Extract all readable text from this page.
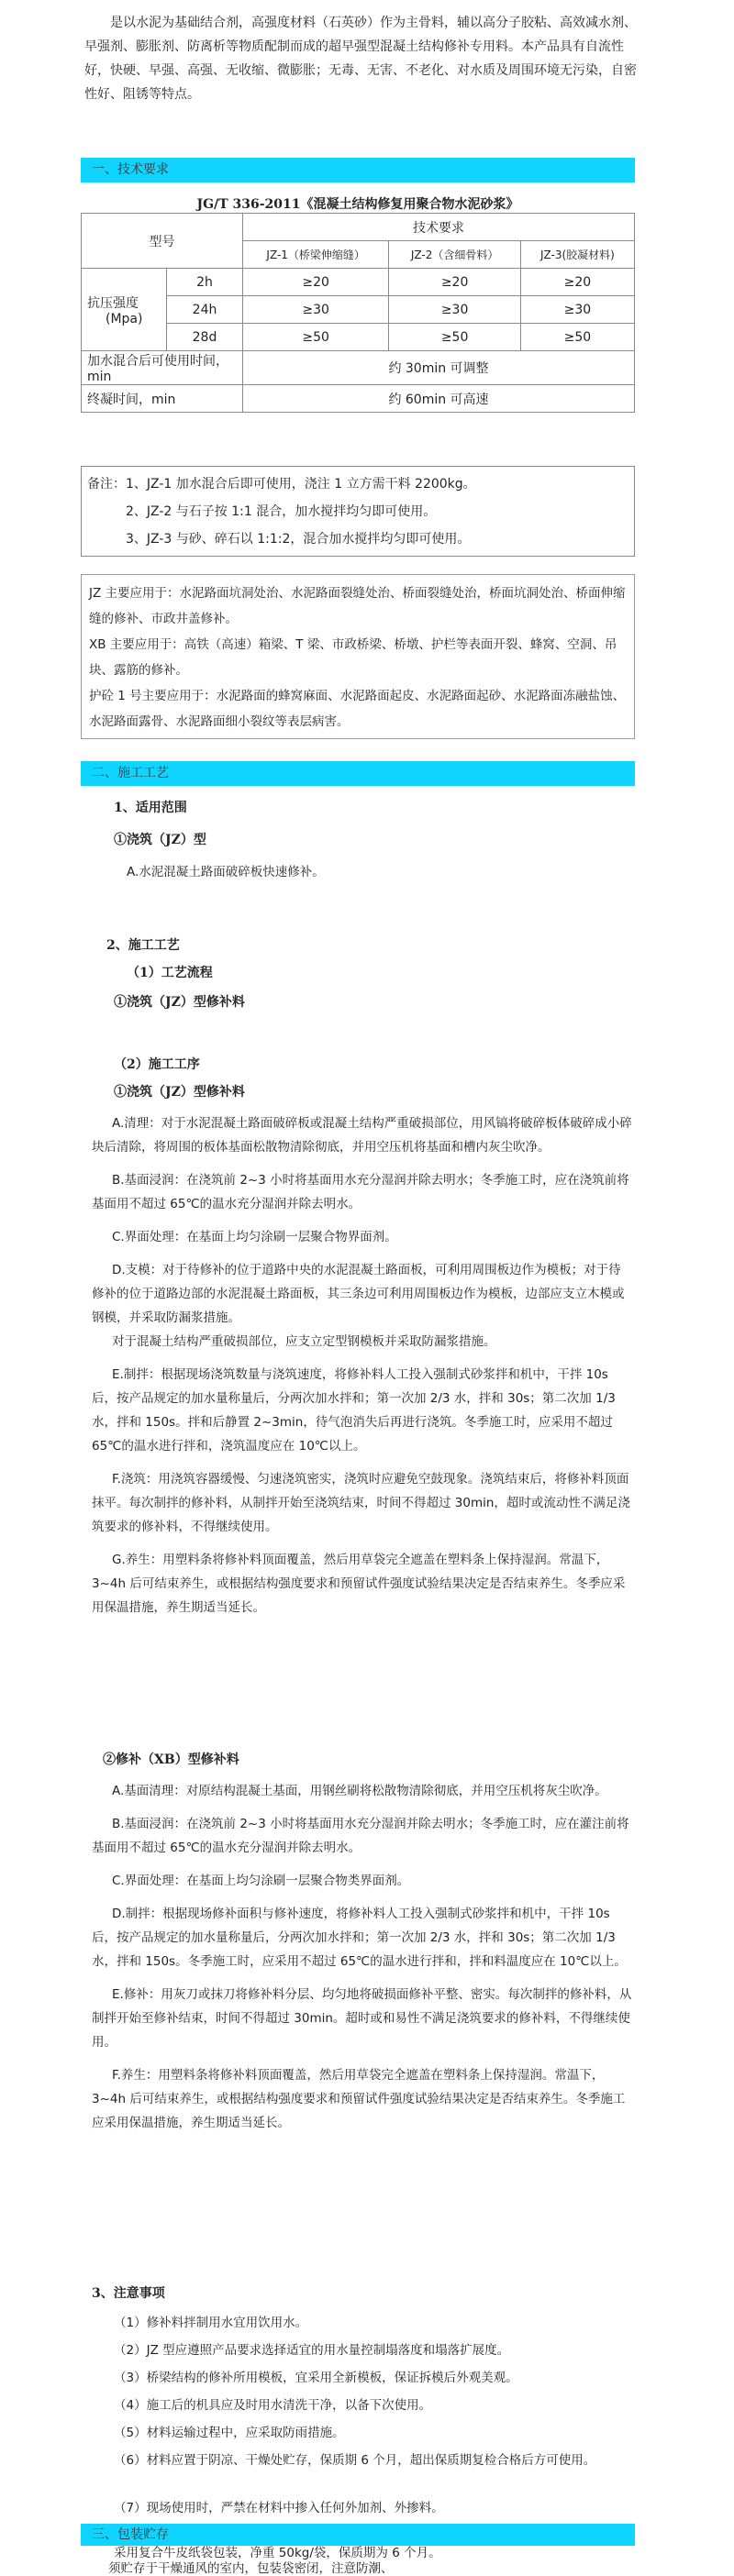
是以水泥为基础结合剂，高强度材料（石英砂）作为主骨料，辅以高分子胶粘、高效减水剂、早强剂、膨胀剂、防离析等物质配制而成的超早强型混凝土结构修补专用料。本产品具有自流性好，快硬、早强、高强、无收缩、微膨胀；无毒、无害、不老化、对水质及周围环境无污染，自密性好、阻锈等特点。

一、技术要求
JG/T 336-2011《混凝土结构修复用聚合物水泥砂浆》
型号		技术要求		
		JZ-1（桥梁伸缩缝）	JZ-2（含细骨料）	JZ-3(胶凝材料)

抗压强度
(Mpa)	2h	≥20	≥20	≥20
	24h	≥30	≥30	≥30
	28d	≥50	≥50	≥50
加水混合后可使用时间，min		约 30min 可调整		
终凝时间，min		约 60min 可高速		
备注：1、JZ-1 加水混合后即可使用，浇注 1 立方需干料 2200kg。
2、JZ-2 与石子按 1:1 混合，加水搅拌均匀即可使用。
3、JZ-3 与砂、碎石以 1:1:2，混合加水搅拌均匀即可使用。
JZ 主要应用于：水泥路面坑洞处治、水泥路面裂缝处治、桥面裂缝处治，桥面坑洞处治、桥面伸缩缝的修补、市政井盖修补。
XB 主要应用于：高铁（高速）箱梁、T 梁、市政桥梁、桥墩、护栏等表面开裂、蜂窝、空洞、吊块、露筋的修补。
护砼 1 号主要应用于：水泥路面的蜂窝麻面、水泥路面起皮、水泥路面起砂、水泥路面冻融盐蚀、水泥路面露骨、水泥路面细小裂纹等表层病害。
二、施工工艺
1、适用范围
①浇筑（JZ）型
A.水泥混凝土路面破碎板快速修补。
2、施工工艺
（1）工艺流程
①浇筑（JZ）型修补料
（2）施工工序
①浇筑（JZ）型修补料

A.清理：对于水泥混凝土路面破碎板或混凝土结构严重破损部位，用风镐将破碎板体破碎成小碎块后清除，将周围的板体基面松散物清除彻底，并用空压机将基面和槽内灰尘吹净。

B.基面浸润：在浇筑前 2~3 小时将基面用水充分湿润并除去明水；冬季施工时，应在浇筑前将基面用不超过 65℃的温水充分湿润并除去明水。

C.界面处理：在基面上均匀涂刷一层聚合物界面剂。

D.支模：对于待修补的位于道路中央的水泥混凝土路面板，可利用周围板边作为模板；对于待修补的位于道路边部的水泥混凝土路面板，其三条边可利用周围板边作为模板，边部应支立木模或钢模，并采取防漏浆措施。

对于混凝土结构严重破损部位，应支立定型钢模板并采取防漏浆措施。

E.制拌：根据现场浇筑数量与浇筑速度，将修补料人工投入强制式砂浆拌和机中，干拌 10s 后，按产品规定的加水量称量后，分两次加水拌和；第一次加 2/3 水，拌和 30s；第二次加 1/3 水，拌和 150s。拌和后静置 2~3min，待气泡消失后再进行浇筑。冬季施工时，应采用不超过 65℃的温水进行拌和，浇筑温度应在 10℃以上。

F.浇筑：用浇筑容器缓慢、匀速浇筑密实，浇筑时应避免空鼓现象。浇筑结束后，将修补料顶面抹平。每次制拌的修补料，从制拌开始至浇筑结束，时间不得超过 30min，超时或流动性不满足浇筑要求的修补料，不得继续使用。

G.养生：用塑料条将修补料顶面覆盖，然后用草袋完全遮盖在塑料条上保持湿润。常温下，3~4h 后可结束养生，或根据结构强度要求和预留试件强度试验结果决定是否结束养生。冬季应采用保温措施，养生期适当延长。

②修补（XB）型修补料

A.基面清理：对原结构混凝土基面，用钢丝刷将松散物清除彻底，并用空压机将灰尘吹净。

B.基面浸润：在浇筑前 2~3 小时将基面用水充分湿润并除去明水；冬季施工时，应在灌注前将基面用不超过 65℃的温水充分湿润并除去明水。

C.界面处理：在基面上均匀涂刷一层聚合物类界面剂。

D.制拌：根据现场修补面积与修补速度，将修补料人工投入强制式砂浆拌和机中，干拌 10s 后，按产品规定的加水量称量后，分两次加水拌和；第一次加 2/3 水，拌和 30s；第二次加 1/3 水，拌和 150s。冬季施工时，应采用不超过 65℃的温水进行拌和，拌和料温度应在 10℃以上。

E.修补：用灰刀或抹刀将修补料分层、均匀地将破损面修补平整、密实。每次制拌的修补料，从制拌开始至修补结束，时间不得超过 30min。超时或和易性不满足浇筑要求的修补料，不得继续使用。

F.养生：用塑料条将修补料顶面覆盖，然后用草袋完全遮盖在塑料条上保持湿润。常温下，3~4h 后可结束养生，或根据结构强度要求和预留试件强度试验结果决定是否结束养生。冬季施工应采用保温措施，养生期适当延长。

3、注意事项
（1）修补料拌制用水宜用饮用水。
（2）JZ 型应遵照产品要求选择适宜的用水量控制塌落度和塌落扩展度。
（3）桥梁结构的修补所用模板，宜采用全新模板，保证拆模后外观美观。
（4）施工后的机具应及时用水清洗干净，以备下次使用。
（5）材料运输过程中，应采取防雨措施。
（6）材料应置于阴凉、干燥处贮存，保质期 6 个月，超出保质期复检合格后方可使用。
（7）现场使用时，严禁在材料中掺入任何外加剂、外掺料。
三、包装贮存
采用复合牛皮纸袋包装，净重 50kg/袋，保质期为 6 个月。
须贮存于干燥通风的室内，包装袋密闭，注意防潮、
